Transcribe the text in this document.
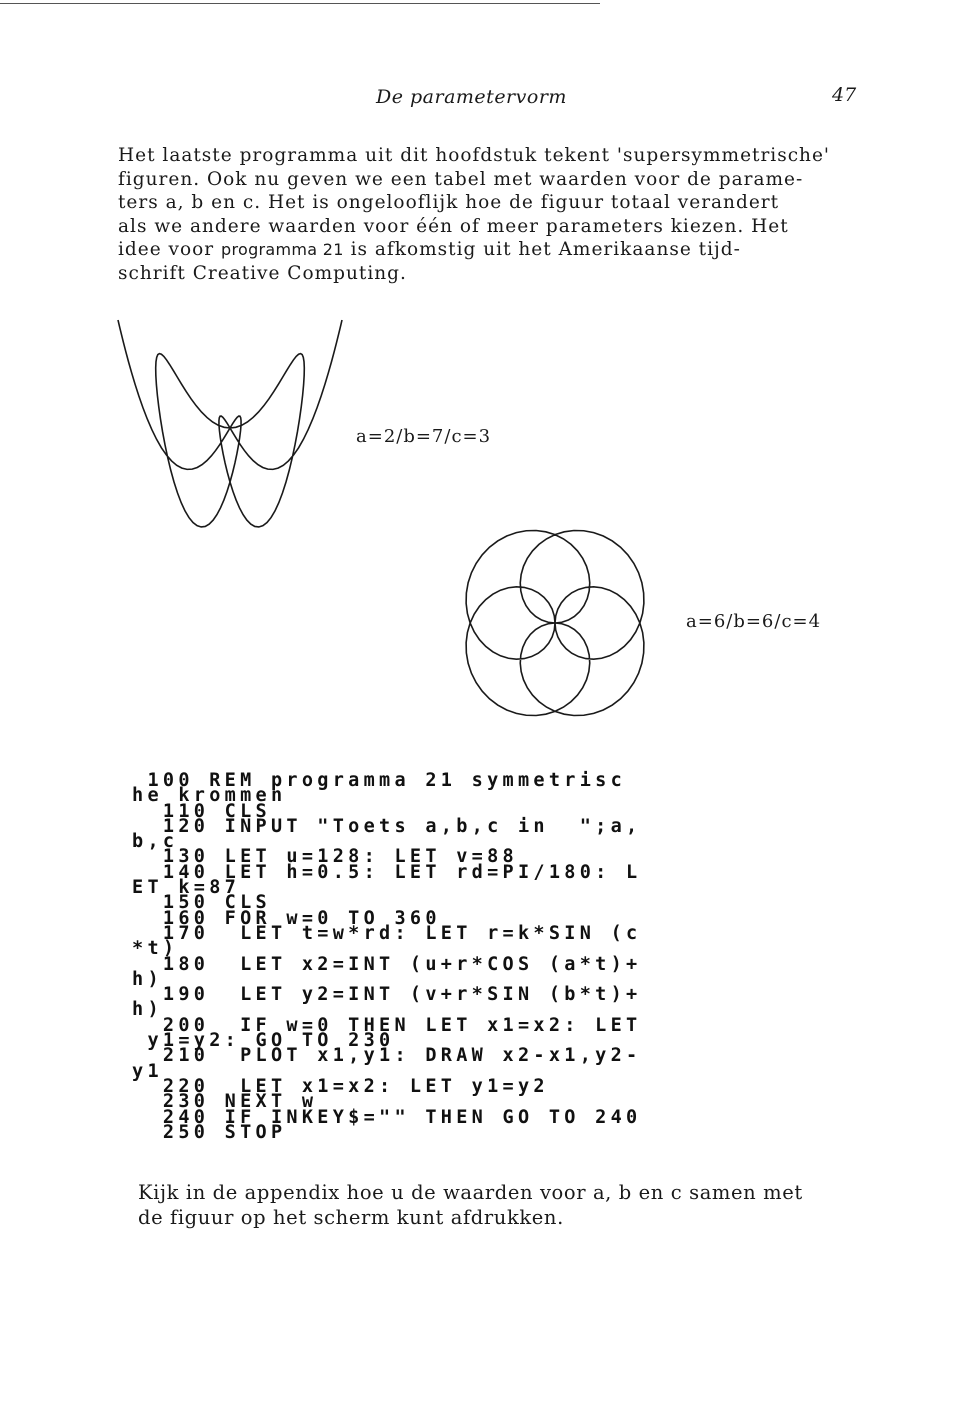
De parametervorm	47
Het laatste programma uit dit hoofdstuk tekent 'supersymmetrische'
figuren. Ook nu geven we een tabel met waarden voor de parame-
ters a, b en c. Het is ongelooflijk hoe de figuur totaal verandert
als we andere waarden voor één of meer parameters kiezen. Het
idee voor programma 21 is afkomstig uit het Amerikaanse tijd-
schrift Creative Computing.
a=2/b=7/c=3
a=6/b=6/c=4
100 REM programma 21 symmetrisc
he krommen
110 CLS
120 INPUT "Toets a,b,c in  ";a,
b,c
130 LET u=128: LET v=88
140 LET h=0.5: LET rd=PI/180: L
ET k=87
150 CLS
160 FOR w=0 TO 360
170  LET t=w*rd: LET r=k*SIN (c
*t)
180  LET x2=INT (u+r*COS (a*t)+
h)
190  LET y2=INT (v+r*SIN (b*t)+
h)
200  IF w=0 THEN LET x1=x2: LET
y1=y2: GO TO 230
210  PLOT x1,y1: DRAW x2-x1,y2-
y1
220  LET x1=x2: LET y1=y2
230 NEXT w
240 IF INKEY$="" THEN GO TO 240
250 STOP
Kijk in de appendix hoe u de waarden voor a, b en c samen met
de figuur op het scherm kunt afdrukken.
